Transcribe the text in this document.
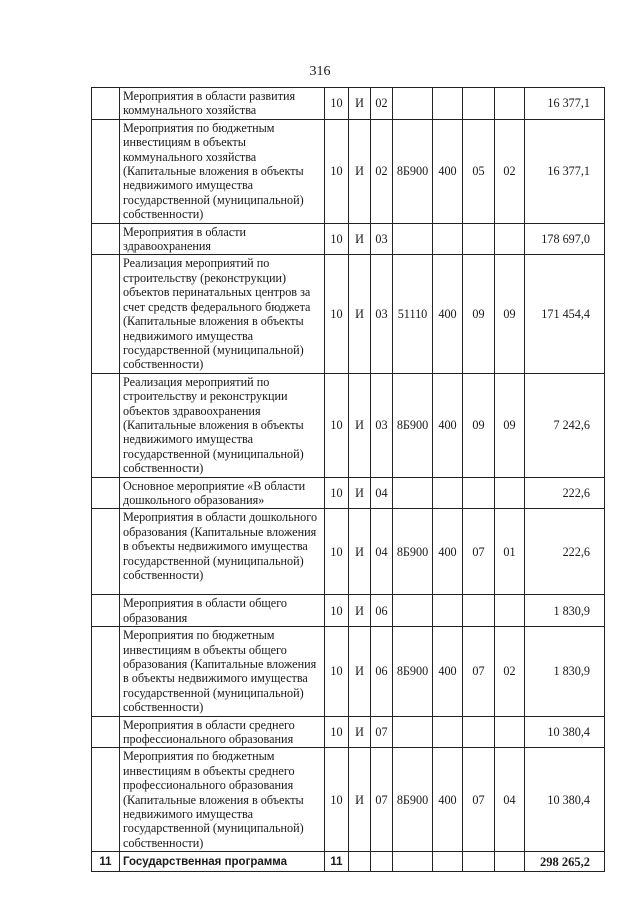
316
	Мероприятия в области развития коммунального хозяйства	10	И	02					16 377,1
	Мероприятия по бюджетным инвестициям в объекты коммунального хозяйства (Капитальные вложения в объекты недвижимого имущества государственной (муниципальной) собственности)	10	И	02	8Б900	400	05	02	16 377,1
	Мероприятия в области здравоохранения	10	И	03					178 697,0
	Реализация мероприятий по строительству (реконструкции) объектов перинатальных центров за счет средств федерального бюджета (Капитальные вложения в объекты недвижимого имущества государственной (муниципальной) собственности)	10	И	03	51110	400	09	09	171 454,4
	Реализация мероприятий по строительству и реконструкции объектов здравоохранения (Капитальные вложения в объекты недвижимого имущества государственной (муниципальной) собственности)	10	И	03	8Б900	400	09	09	7 242,6
	Основное мероприятие «В области дошкольного образования»	10	И	04					222,6
	Мероприятия в области дошкольного образования (Капитальные вложения в объекты недвижимого имущества государственной (муниципальной) собственности)	10	И	04	8Б900	400	07	01	222,6
	Мероприятия в области общего образования	10	И	06					1 830,9
	Мероприятия по бюджетным инвестициям в объекты общего образования (Капитальные вложения в объекты недвижимого имущества государственной (муниципальной) собственности)	10	И	06	8Б900	400	07	02	1 830,9
	Мероприятия в области среднего профессионального образования	10	И	07					10 380,4
	Мероприятия по бюджетным инвестициям в объекты среднего профессионального образования (Капитальные вложения в объекты недвижимого имущества государственной (муниципальной) собственности)	10	И	07	8Б900	400	07	04	10 380,4
11	Государственная программа	11							298 265,2
